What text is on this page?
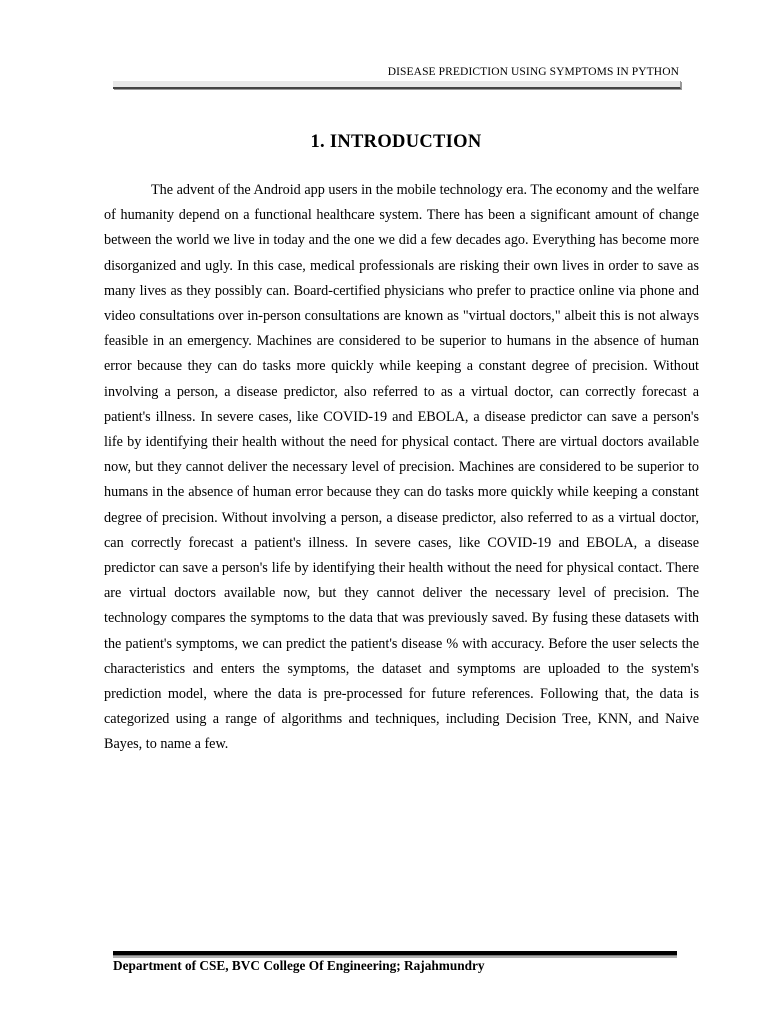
DISEASE PREDICTION USING SYMPTOMS IN PYTHON
1. INTRODUCTION

The advent of the Android app users in the mobile technology era. The economy and the welfare of humanity depend on a functional healthcare system. There has been a significant amount of change between the world we live in today and the one we did a few decades ago. Everything has become more disorganized and ugly. In this case, medical professionals are risking their own lives in order to save as many lives as they possibly can. Board-certified physicians who prefer to practice online via phone and video consultations over in-person consultations are known as "virtual doctors," albeit this is not always feasible in an emergency. Machines are considered to be superior to humans in the absence of human error because they can do tasks more quickly while keeping a constant degree of precision. Without involving a person, a disease predictor, also referred to as a virtual doctor, can correctly forecast a patient's illness. In severe cases, like COVID-19 and EBOLA, a disease predictor can save a person's life by identifying their health without the need for physical contact. There are virtual doctors available now, but they cannot deliver the necessary level of precision. Machines are considered to be superior to humans in the absence of human error because they can do tasks more quickly while keeping a constant degree of precision. Without involving a person, a disease predictor, also referred to as a virtual doctor, can correctly forecast a patient's illness. In severe cases, like COVID-19 and EBOLA, a disease predictor can save a person's life by identifying their health without the need for physical contact. There are virtual doctors available now, but they cannot deliver the necessary level of precision. The technology compares the symptoms to the data that was previously saved. By fusing these datasets with the patient's symptoms, we can predict the patient's disease % with accuracy. Before the user selects the characteristics and enters the symptoms, the dataset and symptoms are uploaded to the system's prediction model, where the data is pre-processed for future references. Following that, the data is categorized using a range of algorithms and techniques, including Decision Tree, KNN, and Naive Bayes, to name a few.

Department of CSE, BVC College Of Engineering; Rajahmundry
